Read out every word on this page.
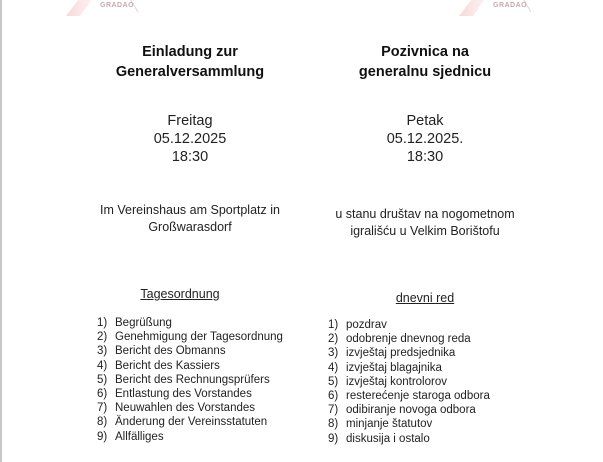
GRADAO	GRADAO
Einladung zur
Generalversammlung
Freitag
05.12.2025
18:30
Im Vereinshaus am Sportplatz in
Großwarasdorf
Tagesordnung
1) Begrüßung
2) Genehmigung der Tagesordnung
3) Bericht des Obmanns
4) Bericht des Kassiers
5) Bericht des Rechnungsprüfers
6) Entlastung des Vorstandes
7) Neuwahlen des Vorstandes
8) Änderung der Vereinsstatuten
9) Allfälliges
Pozivnica na
generalnu sjednicu
Petak
05.12.2025.
18:30
u stanu društav na nogometnom
igrališću u Velkim Borištofu
dnevni red
1) pozdrav
2) odobrenje dnevnog reda
3) izvještaj predsjednika
4) izvještaj blagajnika
5) izvještaj kontrolorov
6) resterećenje staroga odbora
7) odibiranje novoga odbora
8) minjanje štatutov
9) diskusija i ostalo
